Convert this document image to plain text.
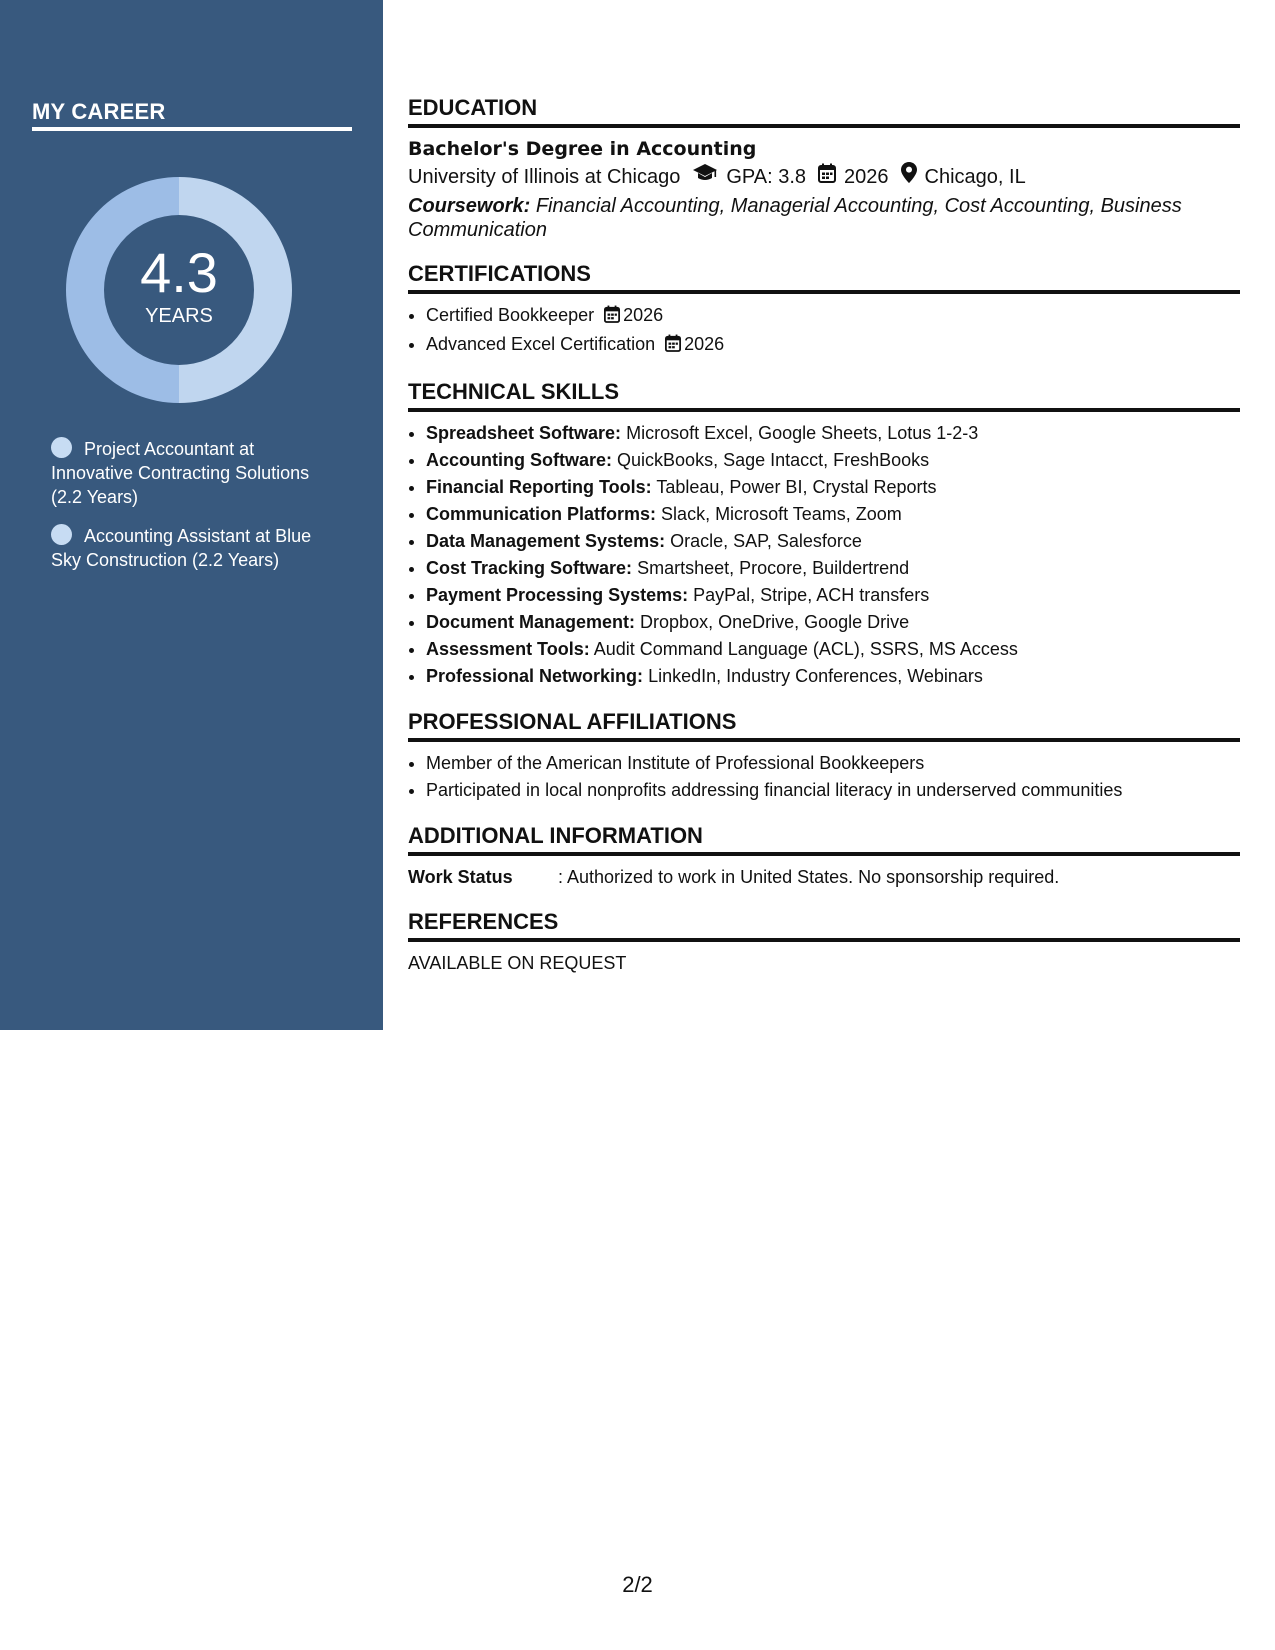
MY CAREER
4.3
YEARS
Project Accountant at Innovative Contracting Solutions (2.2 Years)
Accounting Assistant at Blue Sky Construction (2.2 Years)
EDUCATION
Bachelor's Degree in Accounting
University of Illinois at Chicago GPA: 3.8 2026 Chicago, IL
Coursework: Financial Accounting, Managerial Accounting, Cost Accounting, Business Communication
CERTIFICATIONS
• Certified Bookkeeper 2026
• Advanced Excel Certification 2026
TECHNICAL SKILLS
• Spreadsheet Software: Microsoft Excel, Google Sheets, Lotus 1-2-3
• Accounting Software: QuickBooks, Sage Intacct, FreshBooks
• Financial Reporting Tools: Tableau, Power BI, Crystal Reports
• Communication Platforms: Slack, Microsoft Teams, Zoom
• Data Management Systems: Oracle, SAP, Salesforce
• Cost Tracking Software: Smartsheet, Procore, Buildertrend
• Payment Processing Systems: PayPal, Stripe, ACH transfers
• Document Management: Dropbox, OneDrive, Google Drive
• Assessment Tools: Audit Command Language (ACL), SSRS, MS Access
• Professional Networking: LinkedIn, Industry Conferences, Webinars
PROFESSIONAL AFFILIATIONS
• Member of the American Institute of Professional Bookkeepers
• Participated in local nonprofits addressing financial literacy in underserved communities
ADDITIONAL INFORMATION
Work Status	: Authorized to work in United States. No sponsorship required.
REFERENCES
AVAILABLE ON REQUEST
2/2
